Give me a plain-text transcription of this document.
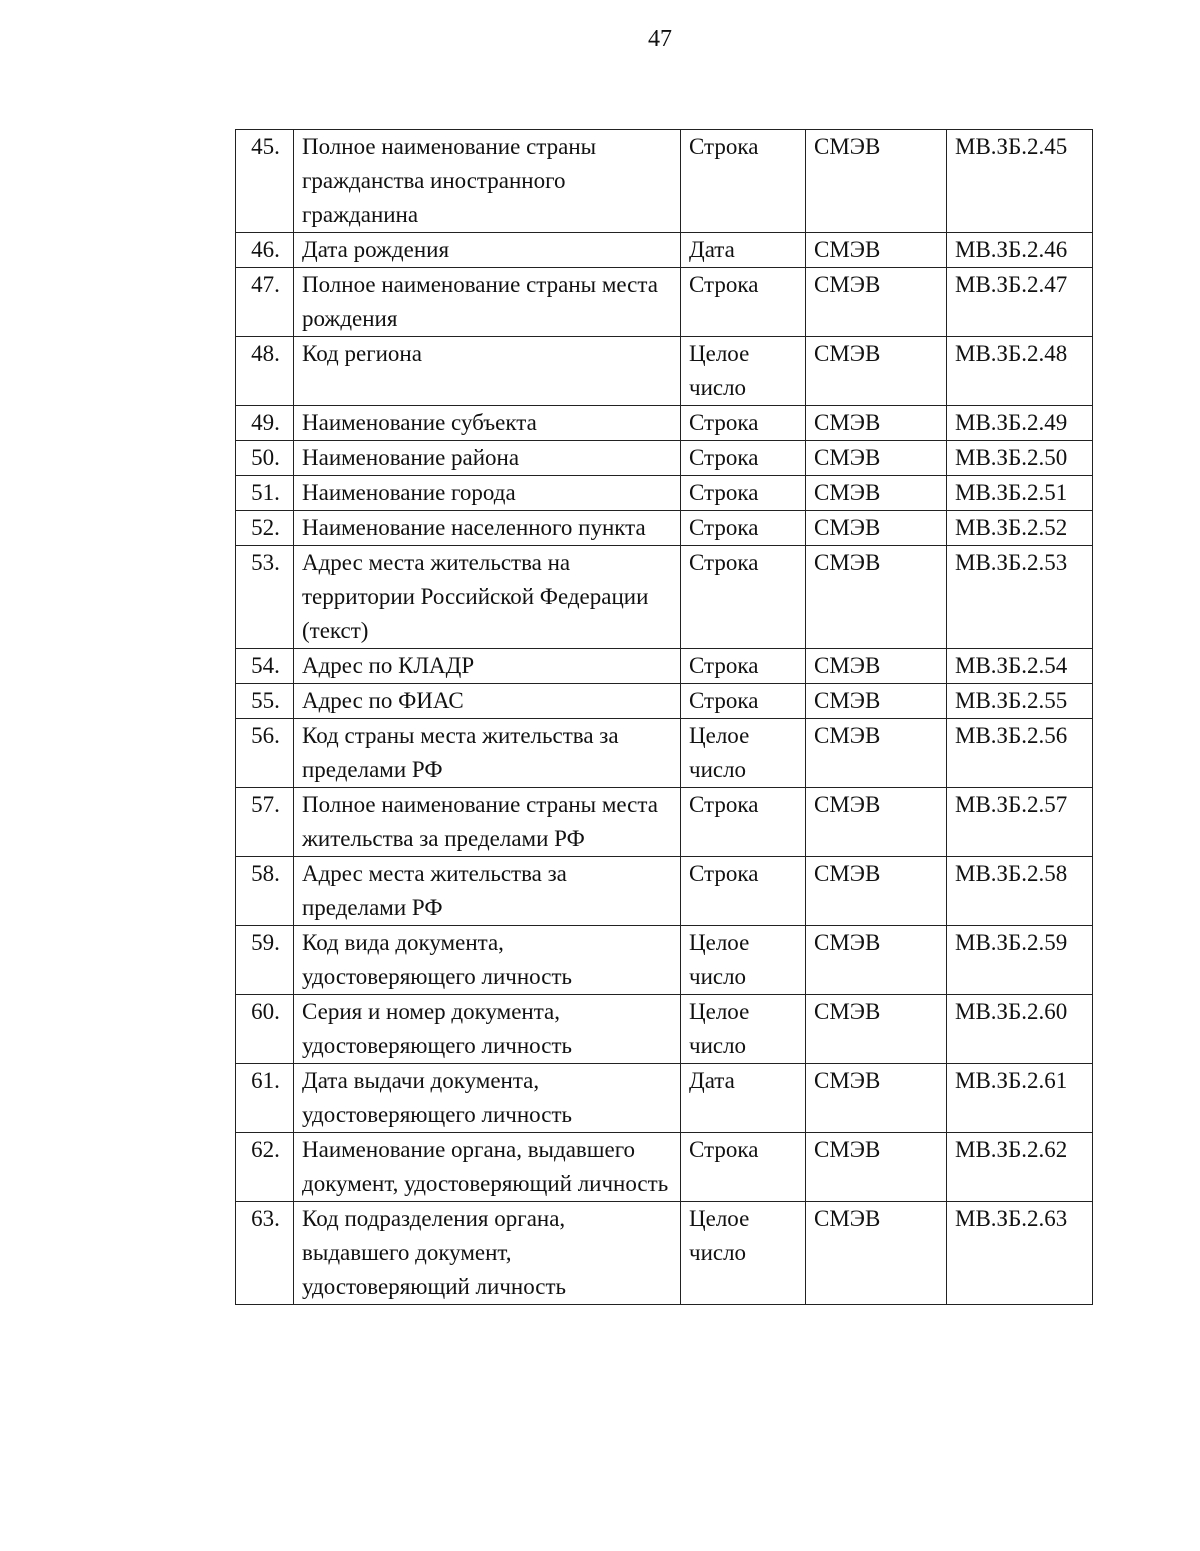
47
45.	Полное наименование страны гражданства иностранного гражданина	Строка	СМЭВ	МВ.ЗБ.2.45
46.	Дата рождения	Дата	СМЭВ	МВ.ЗБ.2.46
47.	Полное наименование страны места рождения	Строка	СМЭВ	МВ.ЗБ.2.47
48.	Код региона	Целое число	СМЭВ	МВ.ЗБ.2.48
49.	Наименование субъекта	Строка	СМЭВ	МВ.ЗБ.2.49
50.	Наименование района	Строка	СМЭВ	МВ.ЗБ.2.50
51.	Наименование города	Строка	СМЭВ	МВ.ЗБ.2.51
52.	Наименование населенного пункта	Строка	СМЭВ	МВ.ЗБ.2.52
53.	Адрес места жительства на территории Российской Федерации (текст)	Строка	СМЭВ	МВ.ЗБ.2.53
54.	Адрес по КЛАДР	Строка	СМЭВ	МВ.ЗБ.2.54
55.	Адрес по ФИАС	Строка	СМЭВ	МВ.ЗБ.2.55
56.	Код страны места жительства за пределами РФ	Целое число	СМЭВ	МВ.ЗБ.2.56
57.	Полное наименование страны места жительства за пределами РФ	Строка	СМЭВ	МВ.ЗБ.2.57
58.	Адрес места жительства за пределами РФ	Строка	СМЭВ	МВ.ЗБ.2.58
59.	Код вида документа, удостоверяющего личность	Целое число	СМЭВ	МВ.ЗБ.2.59
60.	Серия и номер документа, удостоверяющего личность	Целое число	СМЭВ	МВ.ЗБ.2.60
61.	Дата выдачи документа, удостоверяющего личность	Дата	СМЭВ	МВ.ЗБ.2.61
62.	Наименование органа, выдавшего документ, удостоверяющий личность	Строка	СМЭВ	МВ.ЗБ.2.62
63.	Код подразделения органа, выдавшего документ, удостоверяющий личность	Целое число	СМЭВ	МВ.ЗБ.2.63
